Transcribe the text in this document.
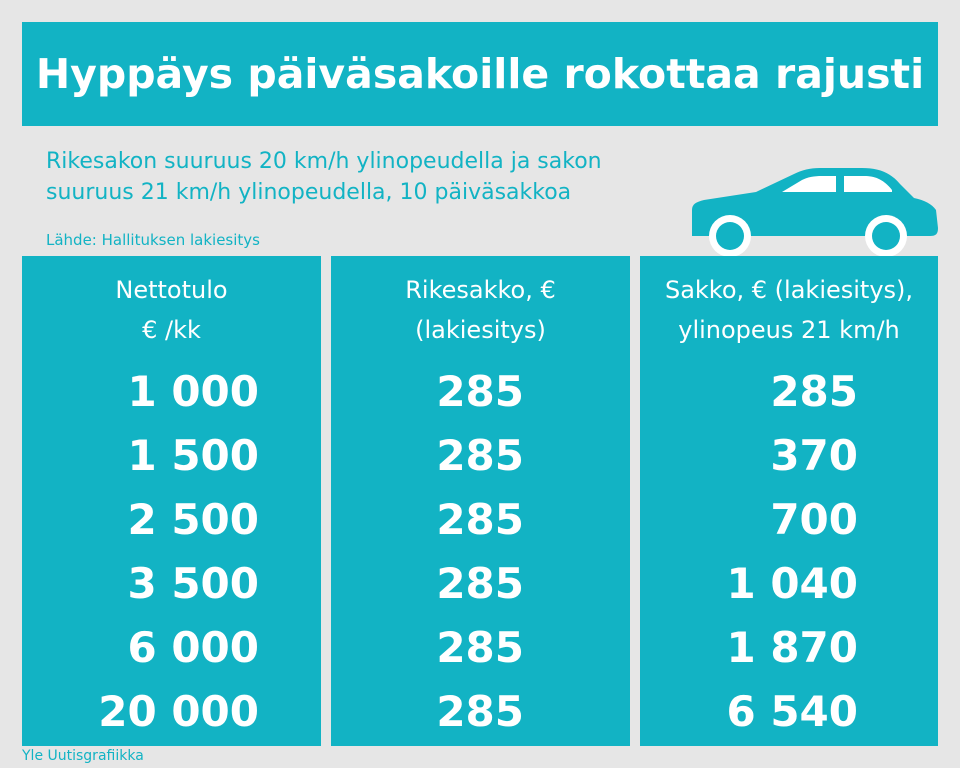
Hyppäys päiväsakoille rokottaa rajusti
Rikesakon suuruus 20 km/h ylinopeudella ja sakon
suuruus 21 km/h ylinopeudella, 10 päiväsakkoa
Lähde: Hallituksen lakiesitys
Nettotulo
€ /kk
1 000
1 500
2 500
3 500
6 000
20 000
Rikesakko, €
(lakiesitys)
285
285
285
285
285
285
Sakko, € (lakiesitys),
ylinopeus 21 km/h
285
370
700
1 040
1 870
6 540
Yle Uutisgrafiikka
